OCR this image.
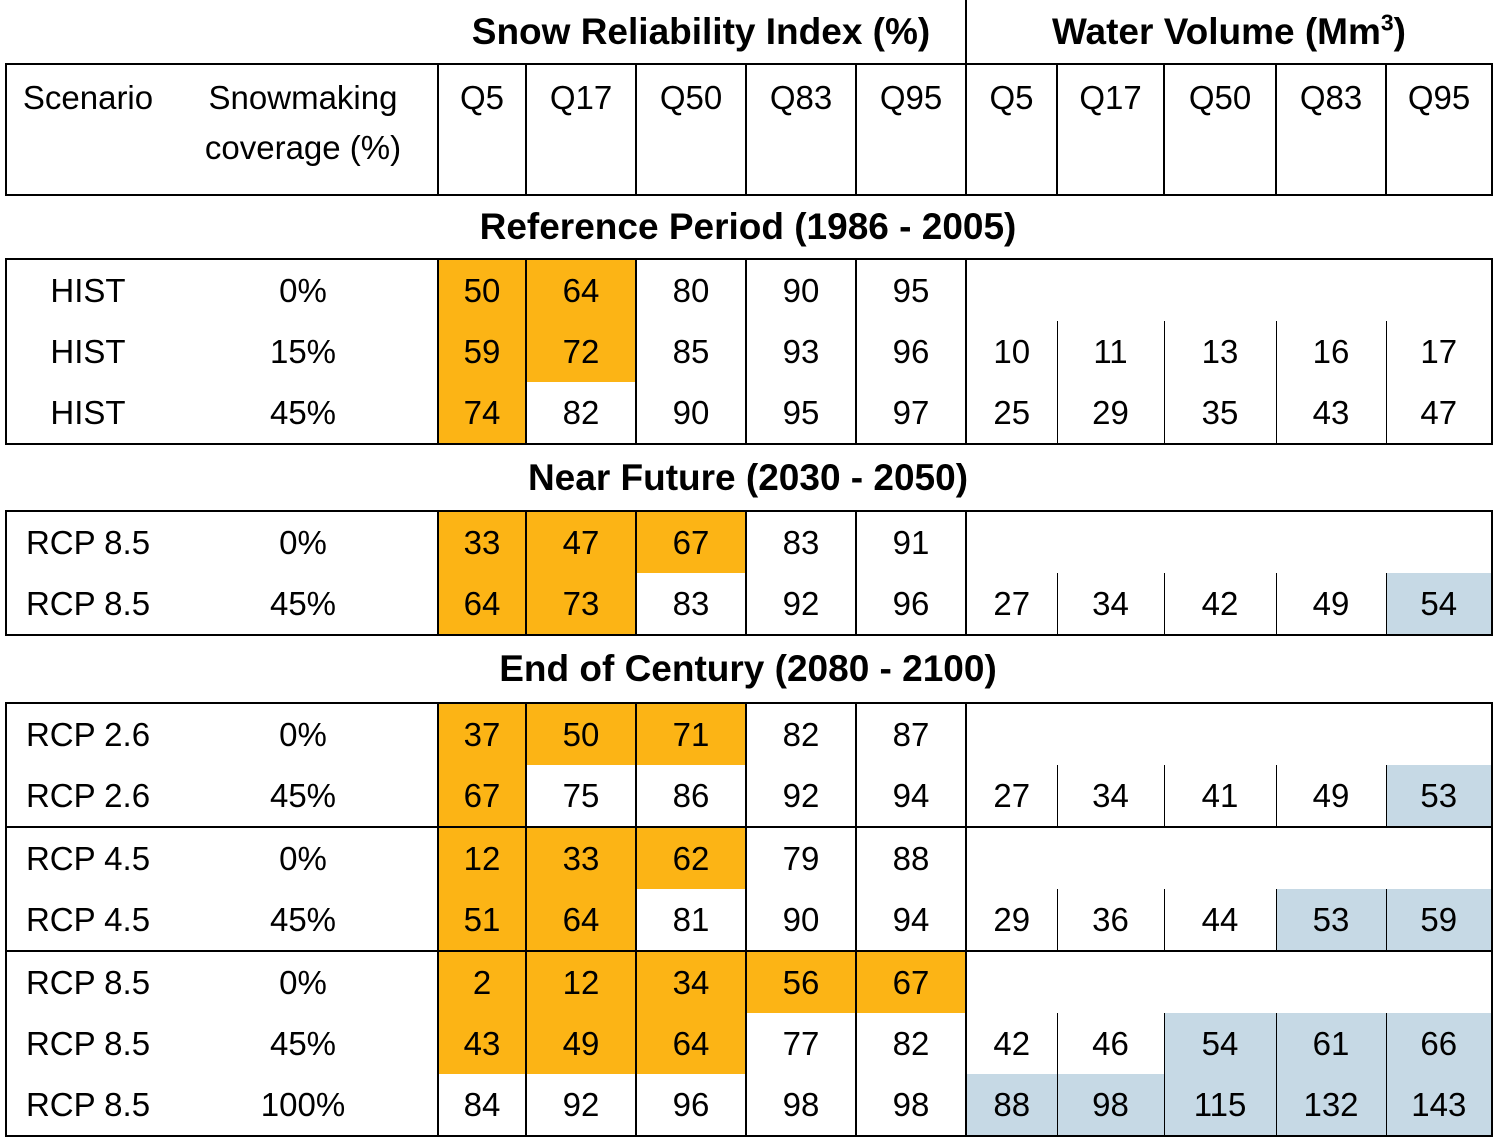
Snow Reliability Index (%)	Water Volume (Mm$^3$)
Scenario	Snowmaking
coverage (%)
	Q5	Q17	Q50	Q83	Q95	Q5	Q17	Q50	Q83	Q95
Reference Period (1986 - 2005)
HIST	0%	50	64	80	90	95					
HIST	15%	59	72	85	93	96	10	11	13	16	17
HIST	45%	74	82	90	95	97	25	29	35	43	47
Near Future (2030 - 2050)
RCP 8.5	0%	33	47	67	83	91					
RCP 8.5	45%	64	73	83	92	96	27	34	42	49	54
End of Century (2080 - 2100)
RCP 2.6	0%	37	50	71	82	87					
RCP 2.6	45%	67	75	86	92	94	27	34	41	49	53
RCP 4.5	0%	12	33	62	79	88					
RCP 4.5	45%	51	64	81	90	94	29	36	44	53	59
RCP 8.5	0%	2	12	34	56	67					
RCP 8.5	45%	43	49	64	77	82	42	46	54	61	66
RCP 8.5	100%	84	92	96	98	98	88	98	115	132	143
